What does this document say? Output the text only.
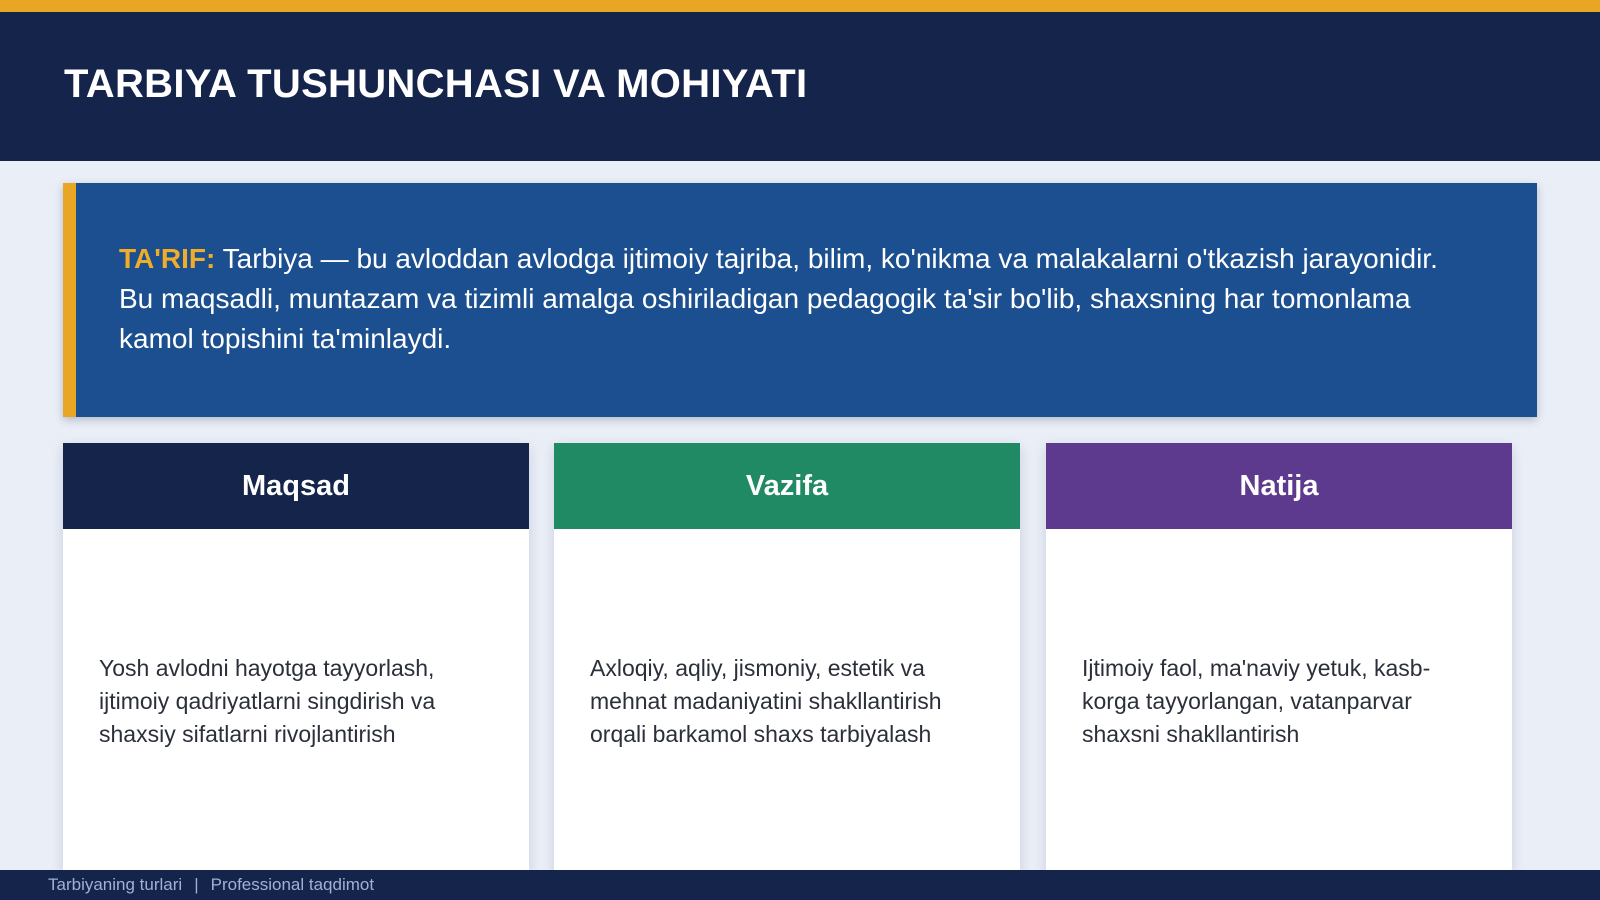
TARBIYA TUSHUNCHASI VA MOHIYATI

TA'RIF: Tarbiya — bu avloddan avlodga ijtimoiy tajriba, bilim, ko'nikma va malakalarni o'tkazish jarayonidir. Bu maqsadli, muntazam va tizimli amalga oshiriladigan pedagogik ta'sir bo'lib, shaxsning har tomonlama kamol topishini ta'minlaydi.

Maqsad
Yosh avlodni hayotga tayyorlash, ijtimoiy qadriyatlarni singdirish va shaxsiy sifatlarni rivojlantirish
Vazifa
Axloqiy, aqliy, jismoniy, estetik va mehnat madaniyatini shakllantirish orqali barkamol shaxs tarbiyalash
Natija
Ijtimoiy faol, ma'naviy yetuk, kasb-korga tayyorlangan, vatanparvar shaxsni shakllantirish
Tarbiyaning turlari | Professional taqdimot
